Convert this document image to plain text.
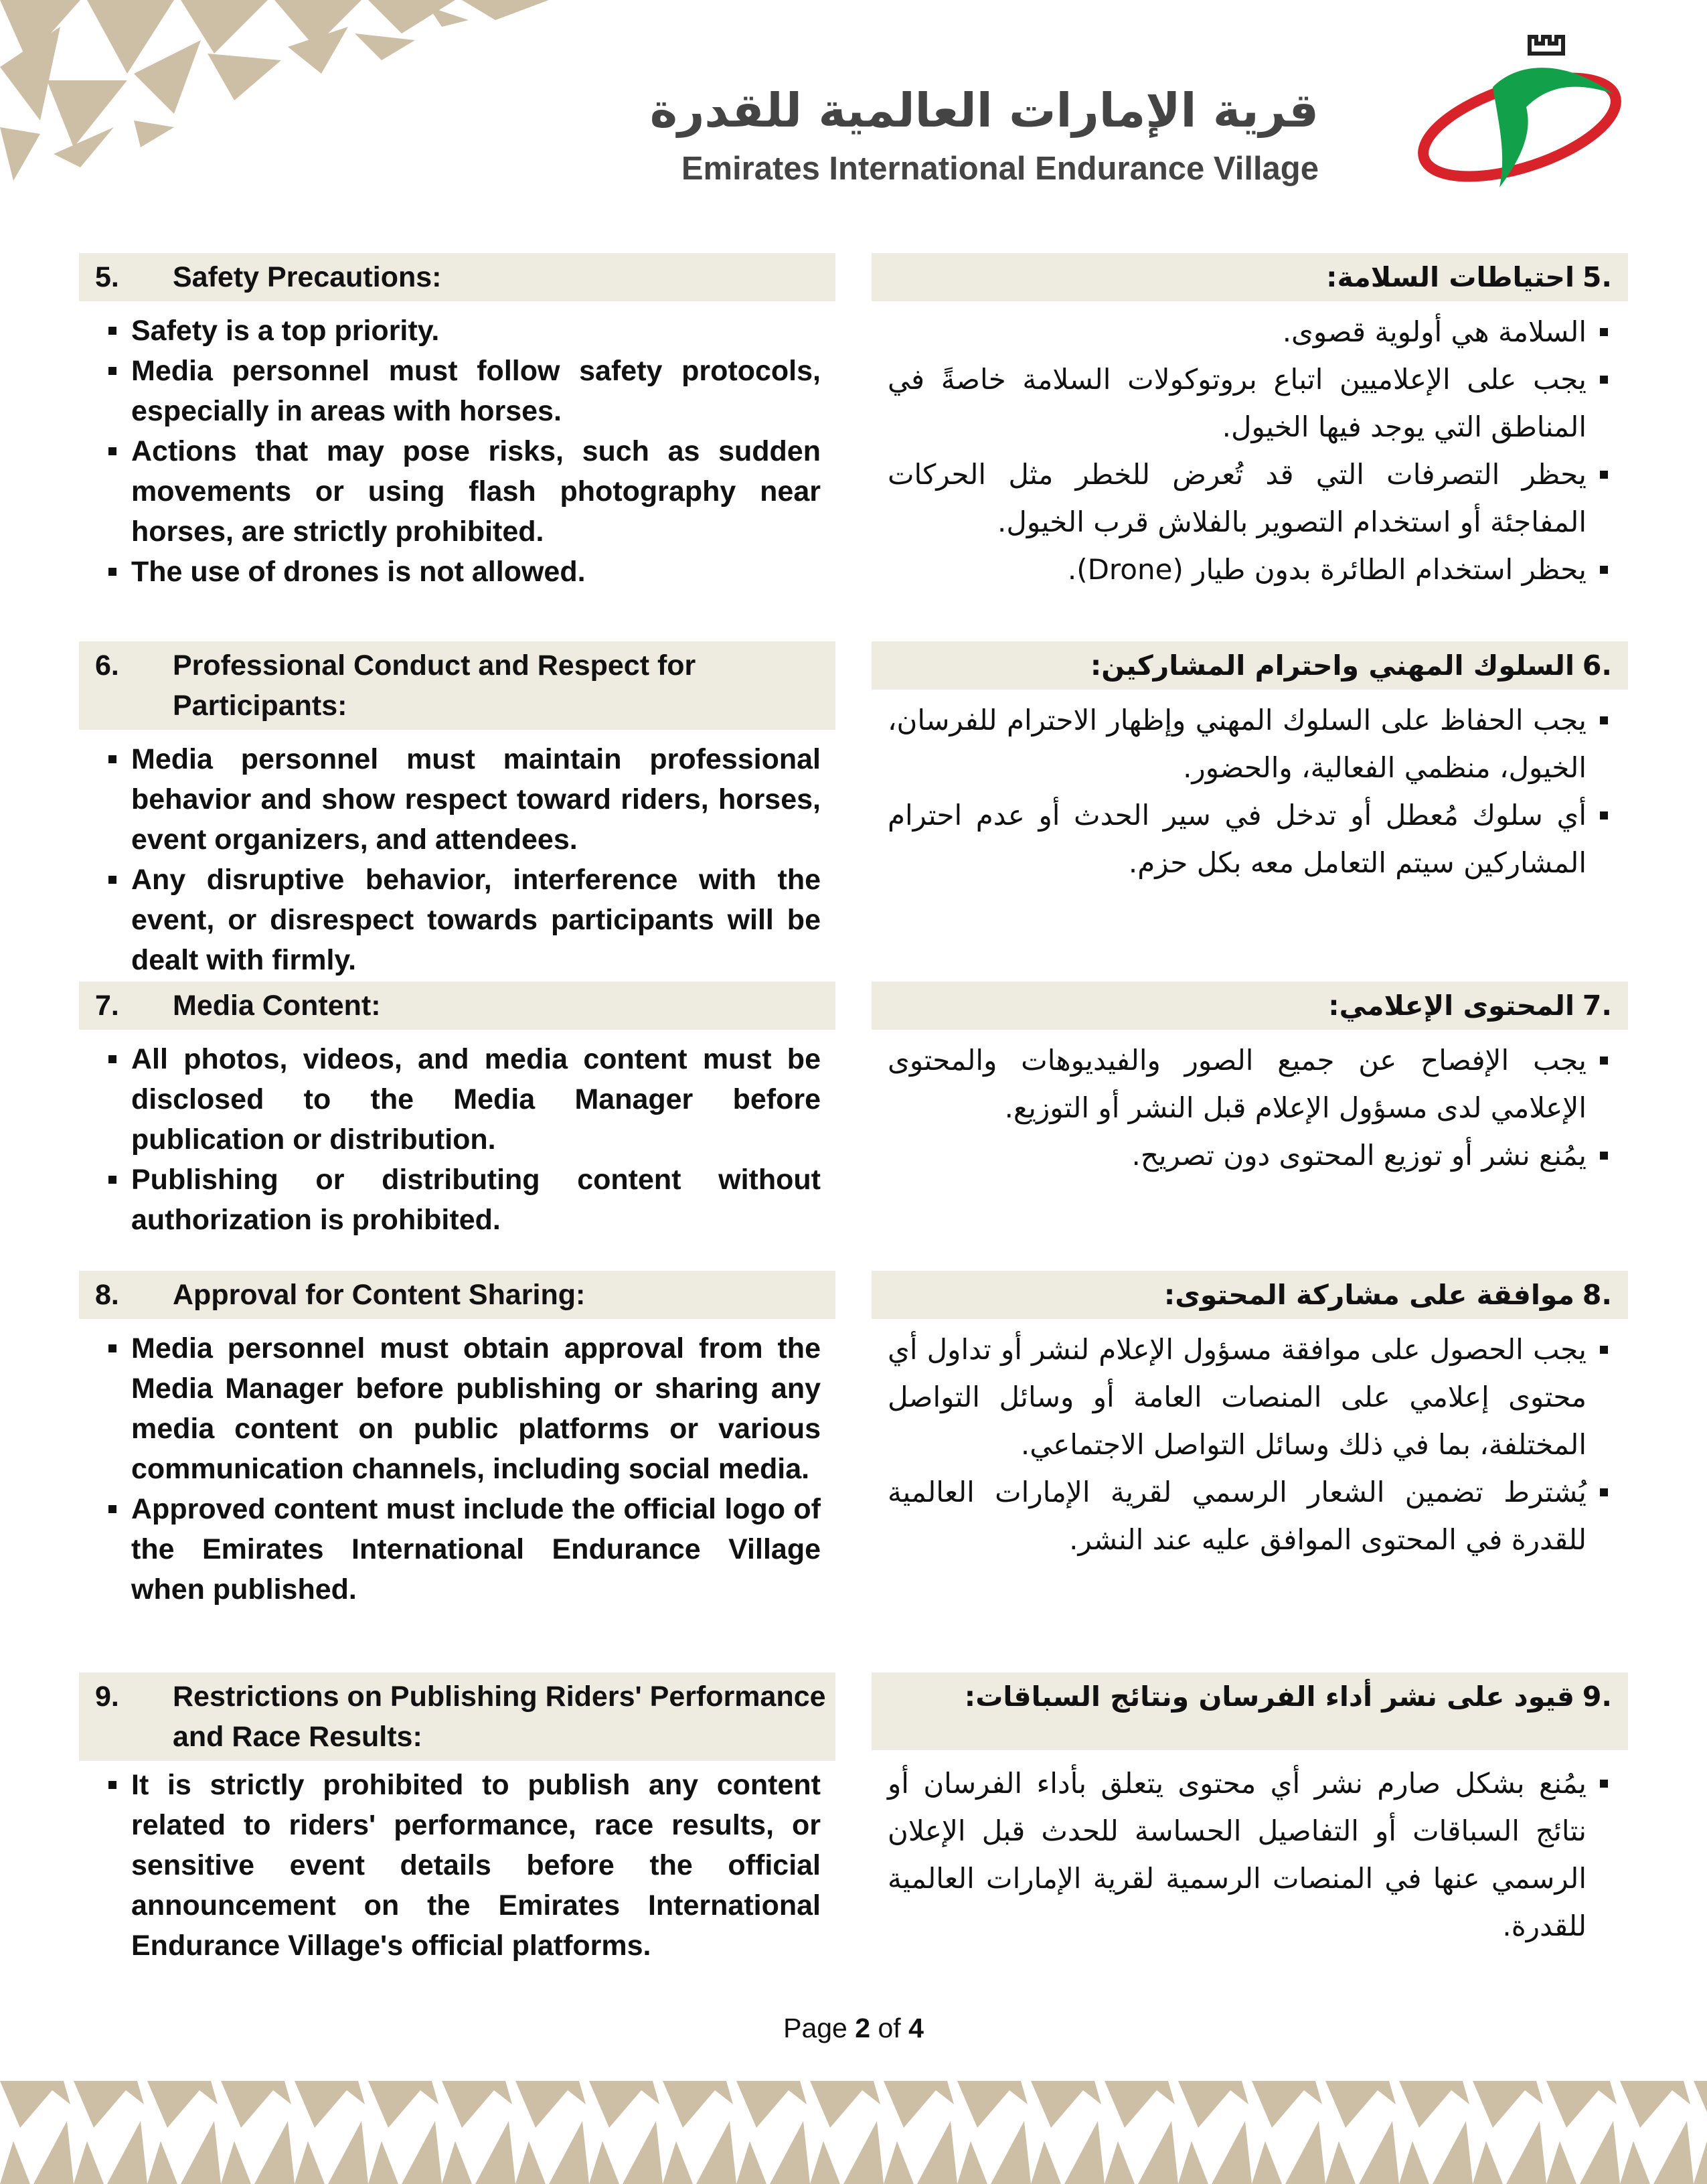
قرية الإمارات العالمية للقدرة
Emirates International Endurance Village
5. Safety Precautions:
Safety is a top priority.
Media personnel must follow safety protocols, especially in areas with horses.
Actions that may pose risks, such as sudden movements or using flash photography near horses, are strictly prohibited.
The use of drones is not allowed.
.5
احتياطات السلامة:
السلامة هي أولوية قصوى.
يجب على الإعلاميين اتباع بروتوكولات السلامة خاصةً في المناطق التي يوجد فيها الخيول.
يحظر التصرفات التي قد تُعرض للخطر مثل الحركات المفاجئة أو استخدام التصوير بالفلاش قرب الخيول.
يحظر استخدام الطائرة بدون طيار (Drone).
6. Professional Conduct and Respect for Participants:
Media personnel must maintain professional behavior and show respect toward riders, horses, event organizers, and attendees.
Any disruptive behavior, interference with the event, or disrespect towards participants will be dealt with firmly.
.6
السلوك المهني واحترام المشاركين:
يجب الحفاظ على السلوك المهني وإظهار الاحترام للفرسان، الخيول، منظمي الفعالية، والحضور.
أي سلوك مُعطل أو تدخل في سير الحدث أو عدم احترام المشاركين سيتم التعامل معه بكل حزم.
7. Media Content:
All photos, videos, and media content must be disclosed to the Media Manager before publication or distribution.
Publishing or distributing content without authorization is prohibited.
.7
المحتوى الإعلامي:
يجب الإفصاح عن جميع الصور والفيديوهات والمحتوى الإعلامي لدى مسؤول الإعلام قبل النشر أو التوزيع.
يمُنع نشر أو توزيع المحتوى دون تصريح.
8. Approval for Content Sharing:
Media personnel must obtain approval from the Media Manager before publishing or sharing any media content on public platforms or various communication channels, including social media.
Approved content must include the official logo of the Emirates International Endurance Village when published.
.8
موافقة على مشاركة المحتوى:
يجب الحصول على موافقة مسؤول الإعلام لنشر أو تداول أي محتوى إعلامي على المنصات العامة أو وسائل التواصل المختلفة، بما في ذلك وسائل التواصل الاجتماعي.
يُشترط تضمين الشعار الرسمي لقرية الإمارات العالمية للقدرة في المحتوى الموافق عليه عند النشر.
9. Restrictions on Publishing Riders' Performance and Race Results:
It is strictly prohibited to publish any content related to riders' performance, race results, or sensitive event details before the official announcement on the Emirates International Endurance Village's official platforms.
.9
قيود على نشر أداء الفرسان ونتائج السباقات:
يمُنع بشكل صارم نشر أي محتوى يتعلق بأداء الفرسان أو نتائج السباقات أو التفاصيل الحساسة للحدث قبل الإعلان الرسمي عنها في المنصات الرسمية لقرية الإمارات العالمية للقدرة.
Page 2 of 4
